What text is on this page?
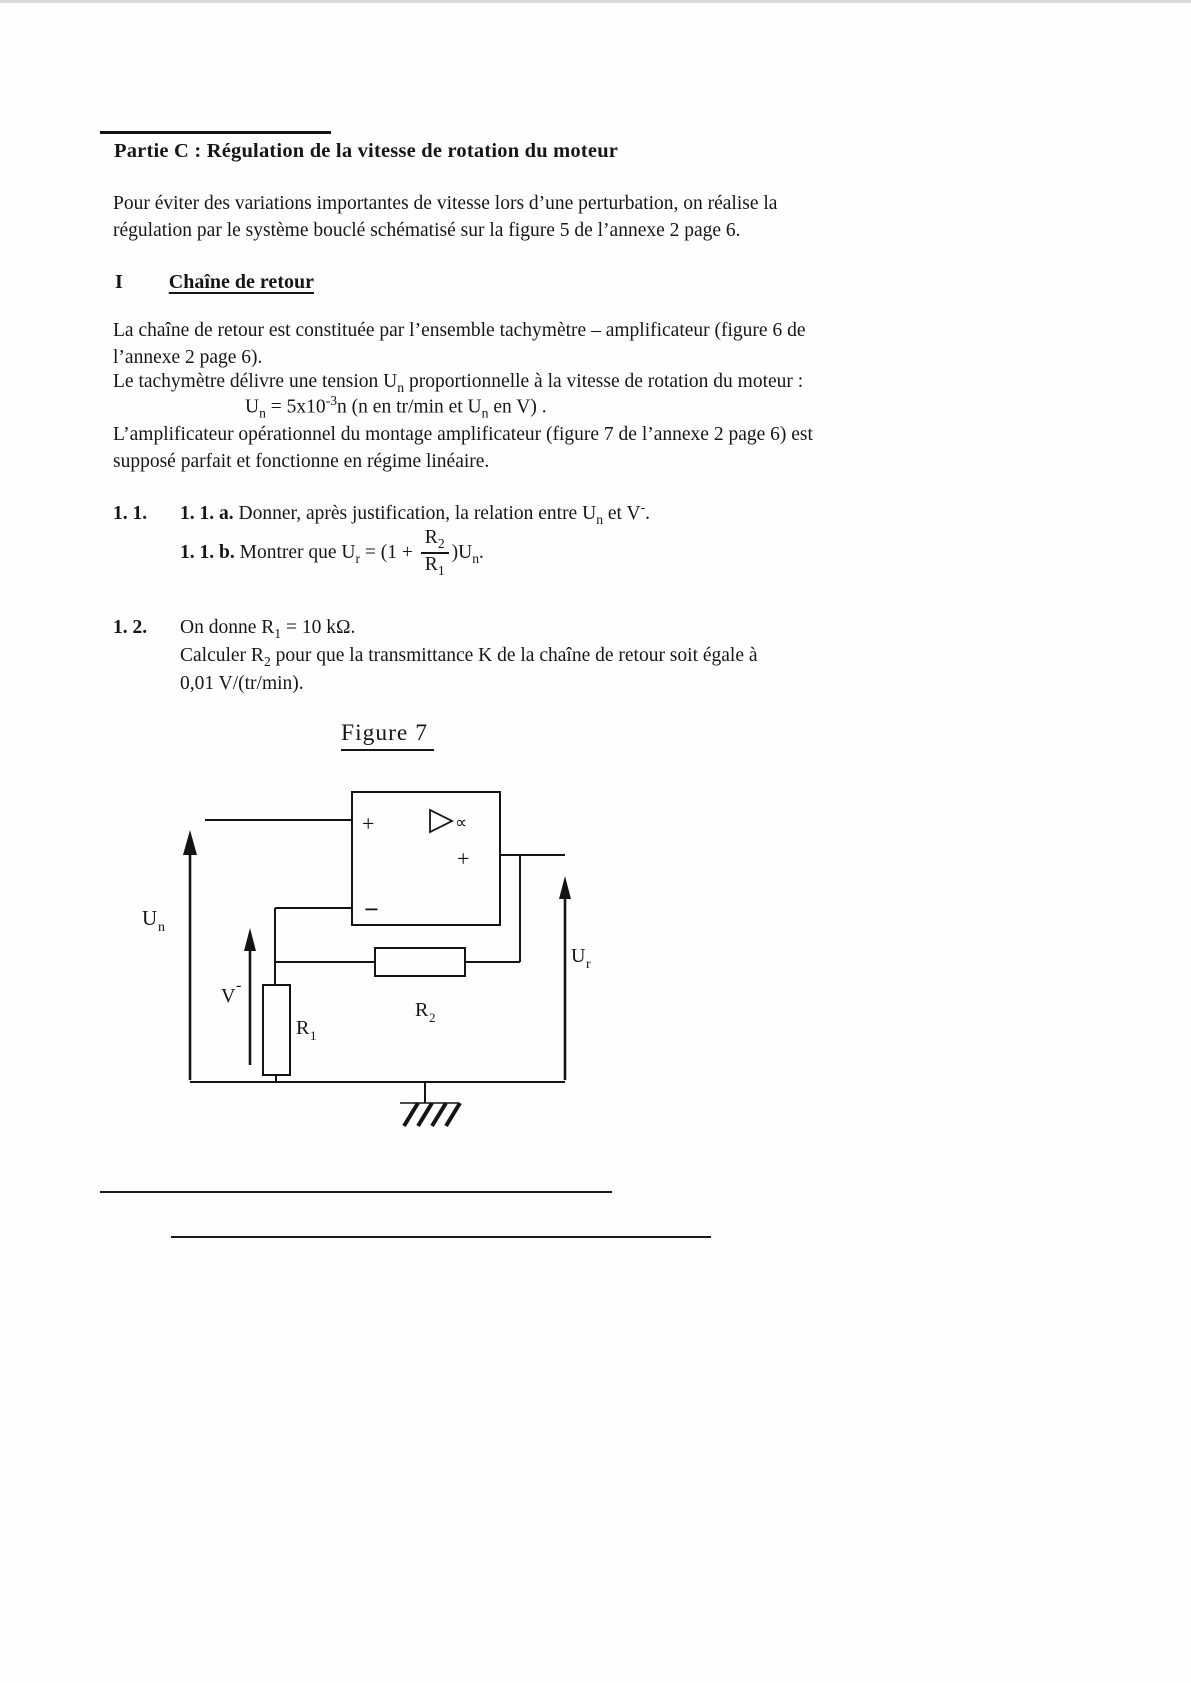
Partie C : Régulation de la vitesse de rotation du moteur

Pour éviter des variations importantes de vitesse lors d’une perturbation, on réalise la
régulation par le système bouclé schématisé sur la figure 5 de l’annexe 2 page 6.

I Chaîne de retour

La chaîne de retour est constituée par l’ensemble tachymètre – amplificateur (figure 6 de
l’annexe 2 page 6).

Le tachymètre délivre une tension $U_n$ proportionnelle à la vitesse de rotation du moteur :

$U_n = 5x10^{-3}n$ (n en tr/min et $U_n$ en V) .

L’amplificateur opérationnel du montage amplificateur (figure 7 de l’annexe 2 page 6) est
supposé parfait et fonctionne en régime linéaire.

1. 1. 1. 1. a. Donner, après justification, la relation entre $U_n$ et V-.
1. 1. b. Montrer que $U_r = (1 + \frac{R_2}{R_1} )U_n$.
1. 2. On donne $R_1 = 10$ kΩ.
Calculer $R_2$ pour que la transmittance K de la chaîne de retour soit égale à
0,01 V/(tr/min).
Figure 7
+	∝
+
−
U n
V -
R 1
R 2
U r
